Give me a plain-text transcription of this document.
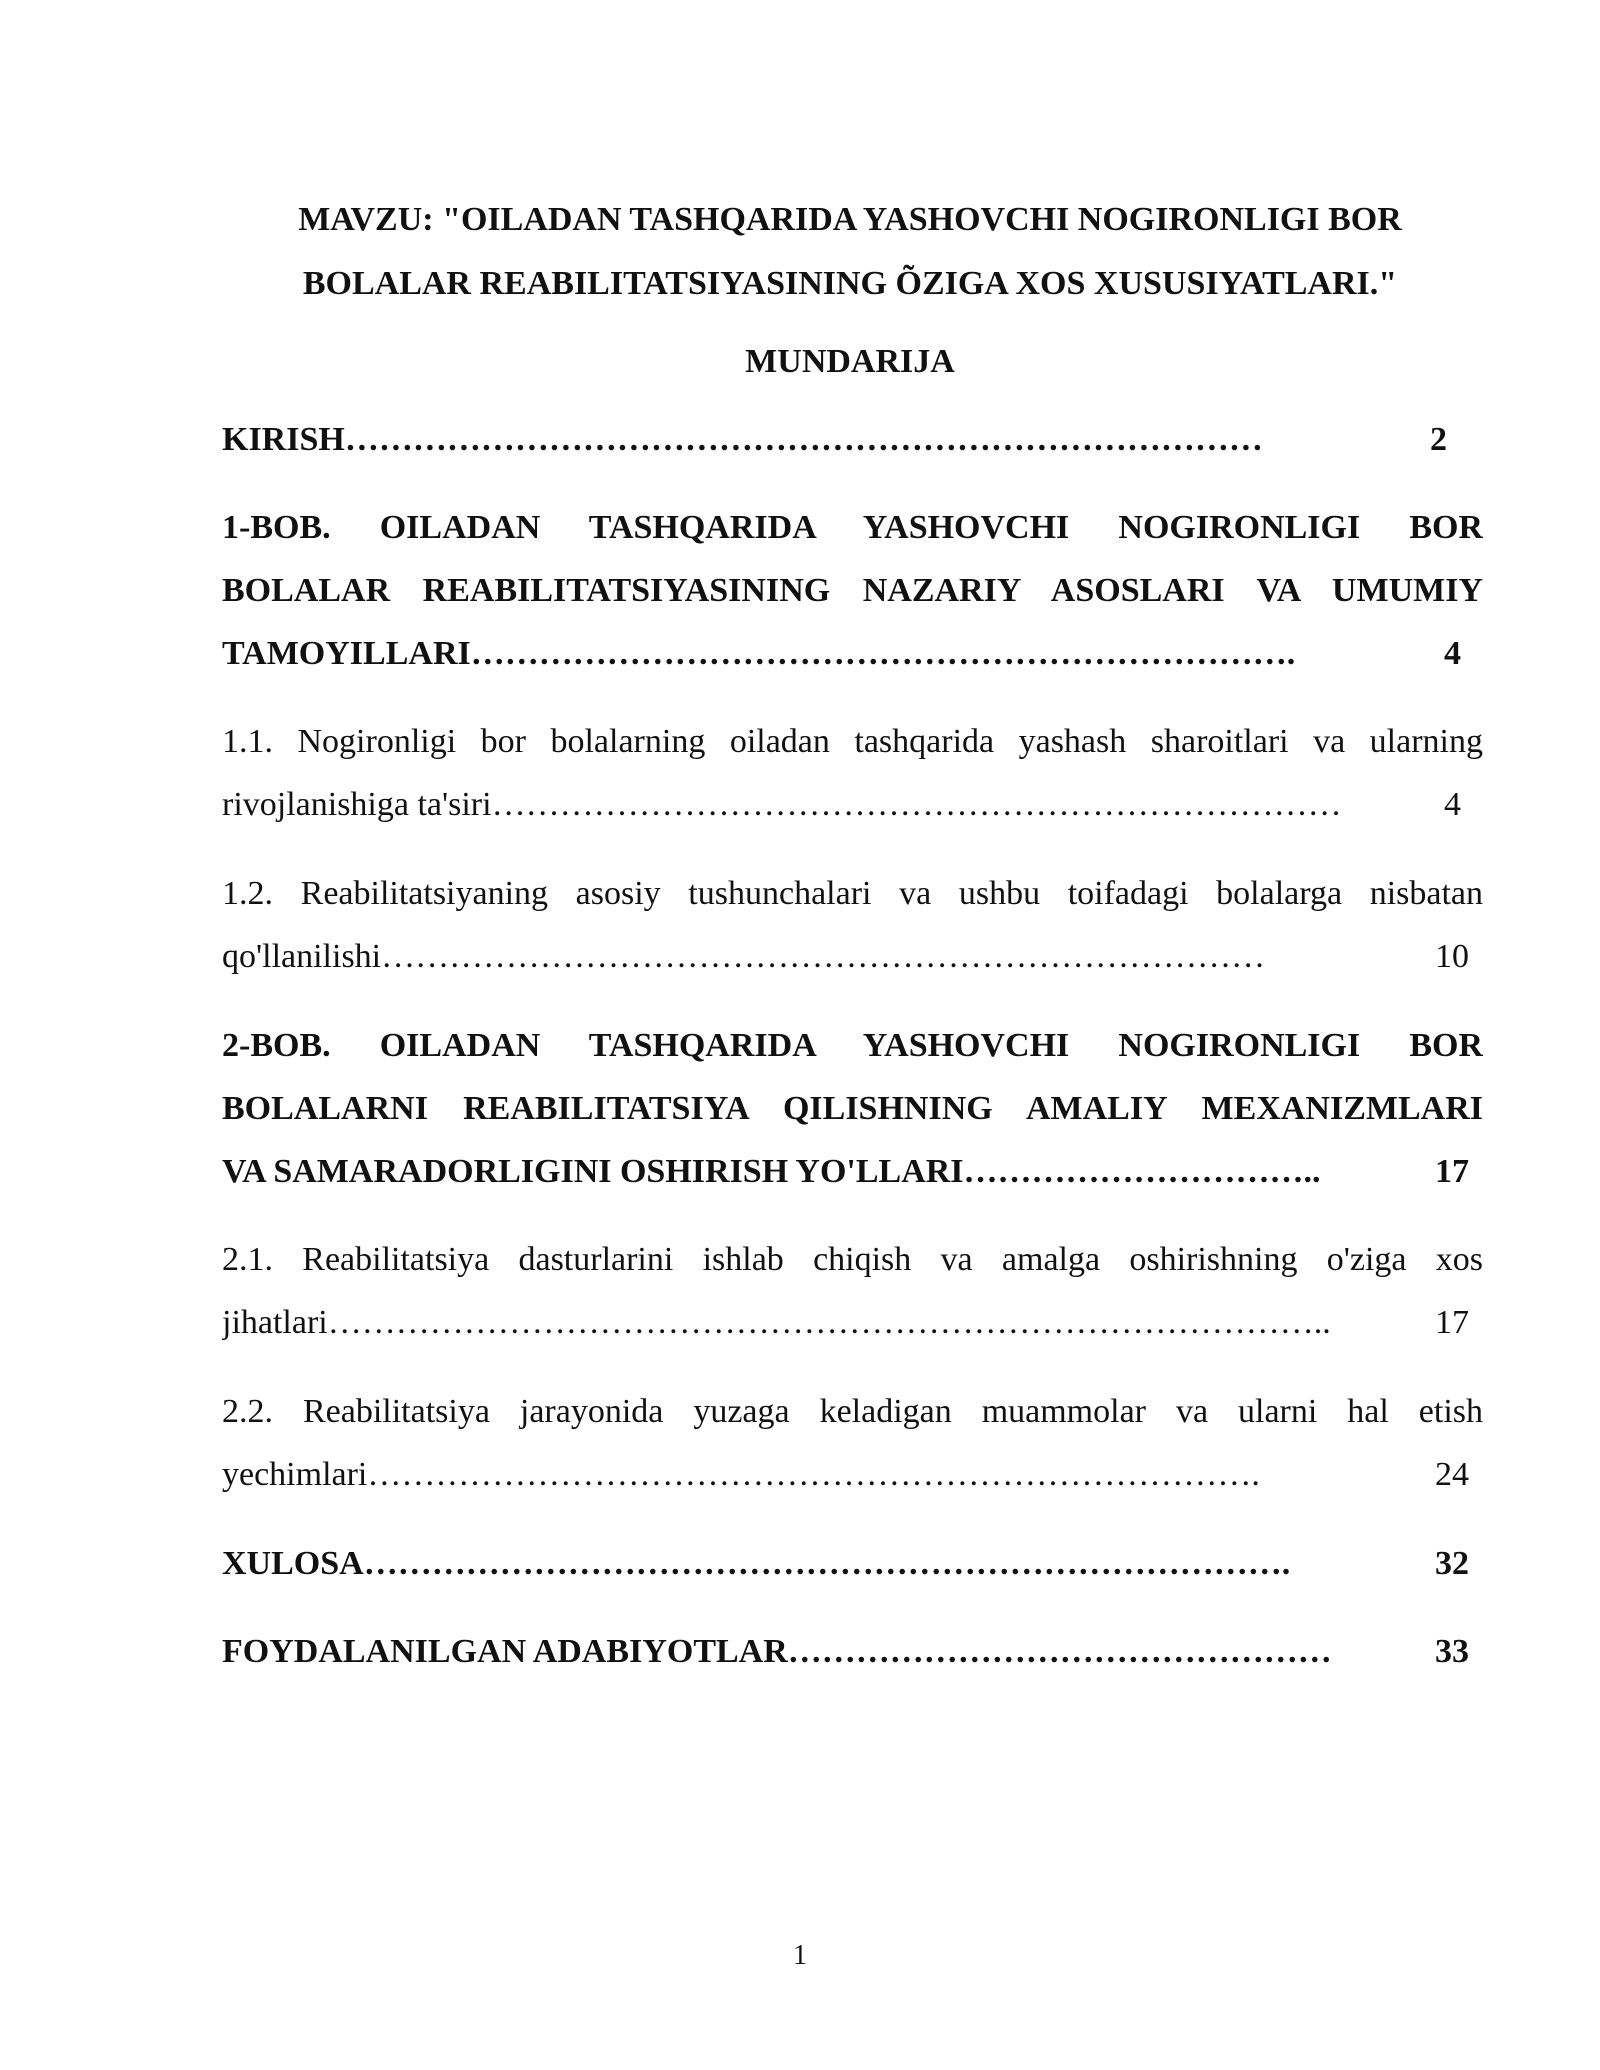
MAVZU: "OILADAN TASHQARIDA YASHOVCHI NOGIRONLIGI BOR
BOLALAR REABILITATSIYASINING ÕZIGA XOS XUSUSIYATLARI."
MUNDARIJA
KIRISH………………………………………………………………………	2
1-BOB. OILADAN TASHQARIDA YASHOVCHI NOGIRONLIGI BOR
BOLALAR REABILITATSIYASINING NAZARIY ASOSLARI VA UMUMIY
TAMOYILLARI……………………………………………………………….	4
1.1. Nogironligi bor bolalarning oiladan tashqarida yashash sharoitlari va ularning
rivojlanishiga ta'siri…………………………………………………………………	4
1.2. Reabilitatsiyaning asosiy tushunchalari va ushbu toifadagi bolalarga nisbatan
qo'llanilishi……………………………………………………………………	10
2-BOB. OILADAN TASHQARIDA YASHOVCHI NOGIRONLIGI BOR
BOLALARNI REABILITATSIYA QILISHNING AMALIY MEXANIZMLARI
VA SAMARADORLIGINI OSHIRISH YO'LLARI…………………………..	17
2.1. Reabilitatsiya dasturlarini ishlab chiqish va amalga oshirishning o'ziga xos
jihatlari……………………………………………………………………………..	17
2.2. Reabilitatsiya jarayonida yuzaga keladigan muammolar va ularni hal etish
yechimlari…………………………………………………………………….	24
XULOSA……………………………………………………………………….	32
FOYDALANILGAN ADABIYOTLAR…………………………………………	33
1
